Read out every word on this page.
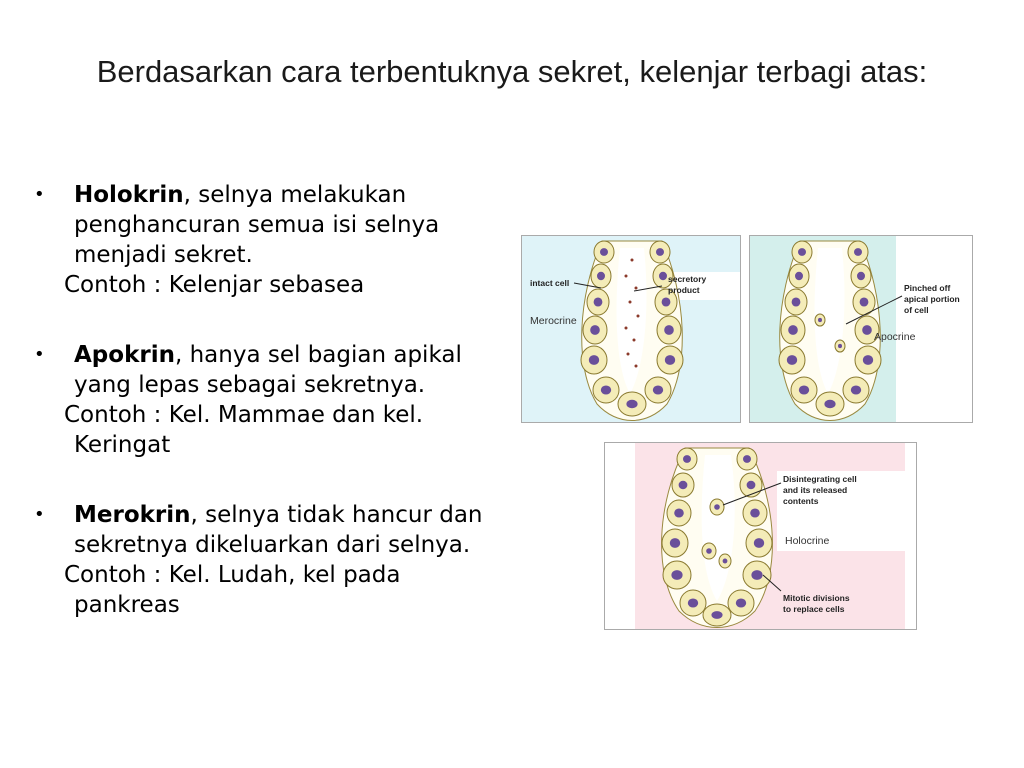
Berdasarkan cara terbentuknya sekret, kelenjar terbagi atas:
• Holokrin, selnya melakukan penghancuran semua isi selnya menjadi sekret.
Contoh : Kelenjar sebasea
• Apokrin, hanya sel bagian apikal yang lepas sebagai sekretnya.
Contoh : Kel. Mammae dan kel. Keringat
• Merokrin, selnya tidak hancur dan sekretnya dikeluarkan dari selnya.
Contoh : Kel. Ludah, kel pada pankreas
intact cell	secretory
product
Merocrine
Pinched off
apical portion
of cell
Apocrine
Disintegrating cell
and its released
contents
Holocrine
Mitotic divisions
to replace cells
